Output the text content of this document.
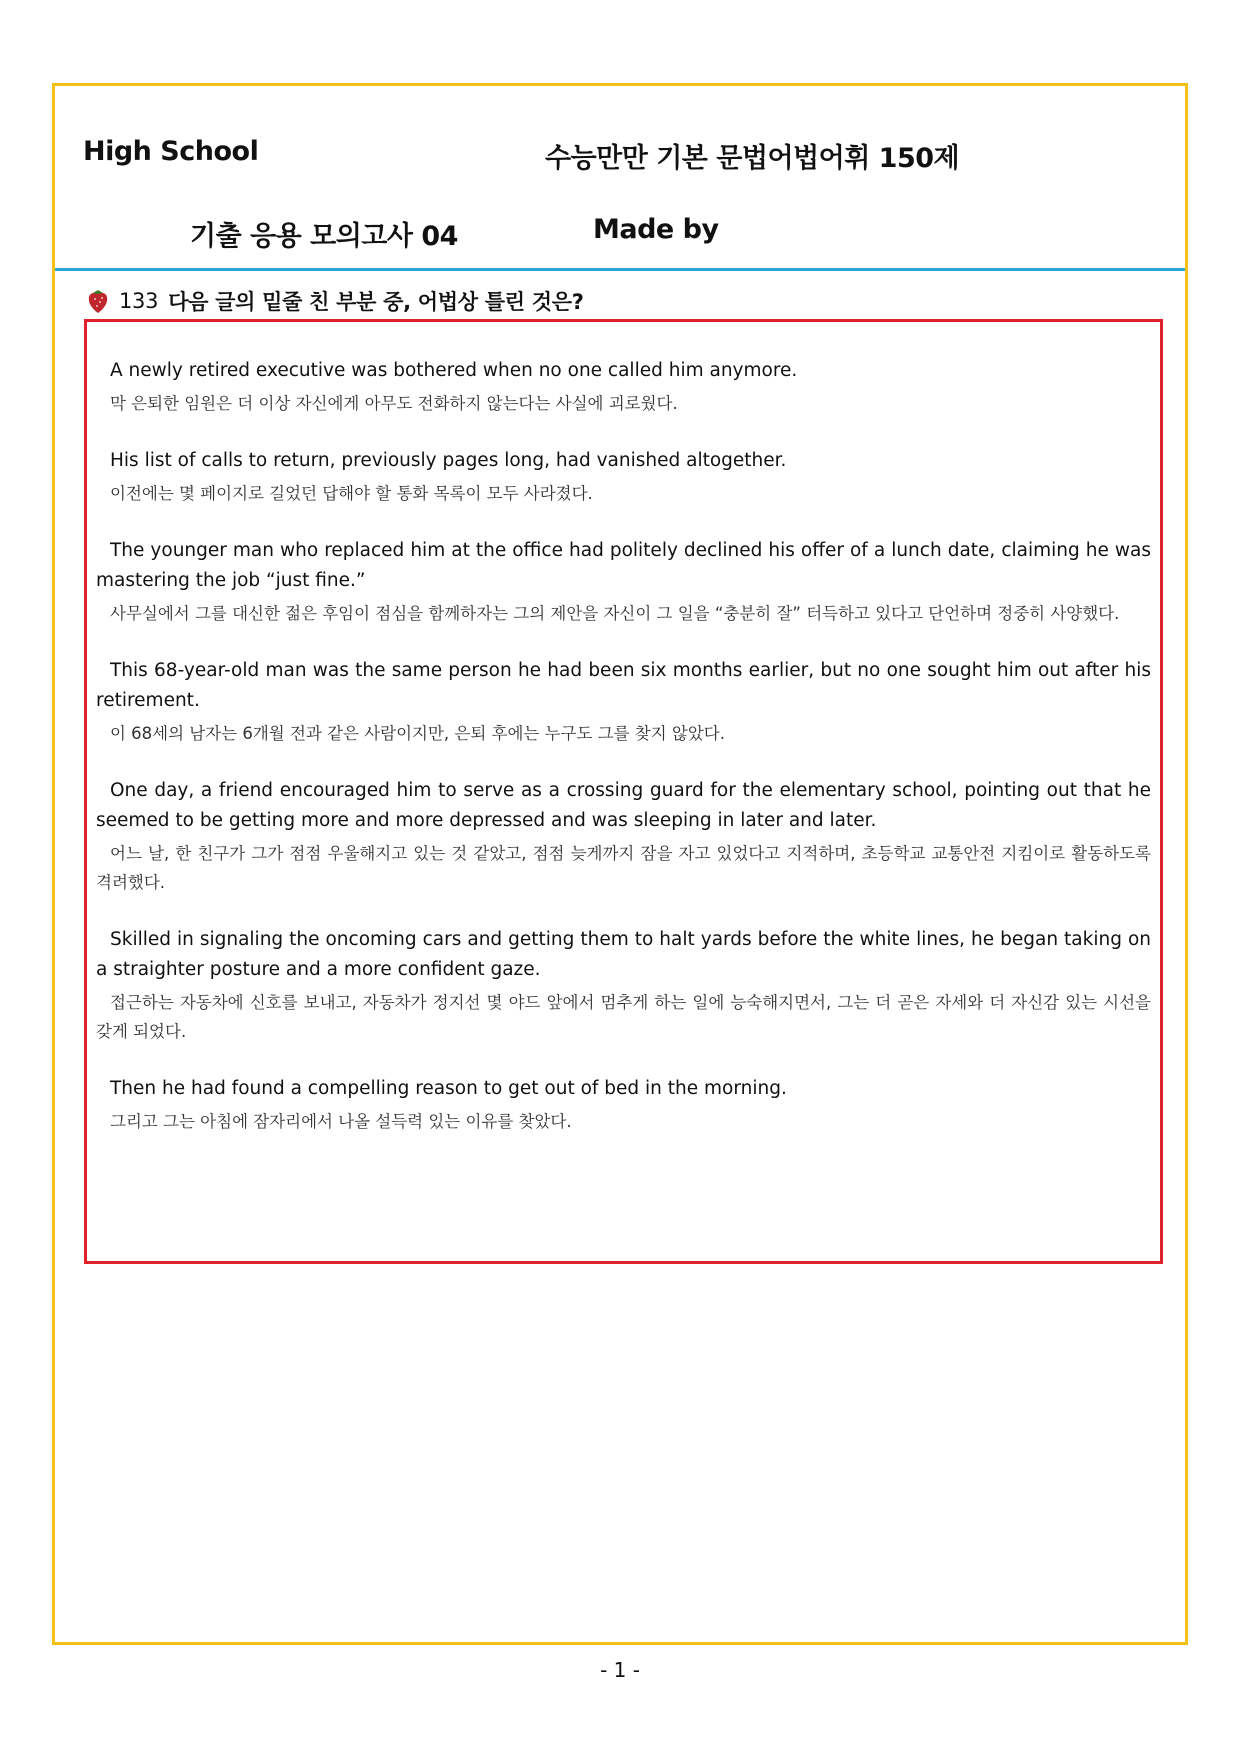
High School	수능만만 기본 문법어법어휘 150제
기출 응용 모의고사 04	Made by
133 다음 글의 밑줄 친 부분 중, 어법상 틀린 것은?

A newly retired executive was bothered when no one called him anymore.

막 은퇴한 임원은 더 이상 자신에게 아무도 전화하지 않는다는 사실에 괴로웠다.

His list of calls to return, previously pages long, had vanished altogether.

이전에는 몇 페이지로 길었던 답해야 할 통화 목록이 모두 사라졌다.

The younger man who replaced him at the office had politely declined his offer of a lunch date, claiming he was mastering the job “just fine.”

사무실에서 그를 대신한 젊은 후임이 점심을 함께하자는 그의 제안을 자신이 그 일을 “충분히 잘” 터득하고 있다고 단언하며 정중히 사양했다.

This 68-year-old man was the same person he had been six months earlier, but no one sought him out after his retirement.

이 68세의 남자는 6개월 전과 같은 사람이지만, 은퇴 후에는 누구도 그를 찾지 않았다.

One day, a friend encouraged him to serve as a crossing guard for the elementary school, pointing out that he seemed to be getting more and more depressed and was sleeping in later and later.

어느 날, 한 친구가 그가 점점 우울해지고 있는 것 같았고, 점점 늦게까지 잠을 자고 있었다고 지적하며, 초등학교 교통안전 지킴이로 활동하도록 격려했다.

Skilled in signaling the oncoming cars and getting them to halt yards before the white lines, he began taking on a straighter posture and a more confident gaze.

접근하는 자동차에 신호를 보내고, 자동차가 정지선 몇 야드 앞에서 멈추게 하는 일에 능숙해지면서, 그는 더 곧은 자세와 더 자신감 있는 시선을 갖게 되었다.

Then he had found a compelling reason to get out of bed in the morning.

그리고 그는 아침에 잠자리에서 나올 설득력 있는 이유를 찾았다.

- 1 -
